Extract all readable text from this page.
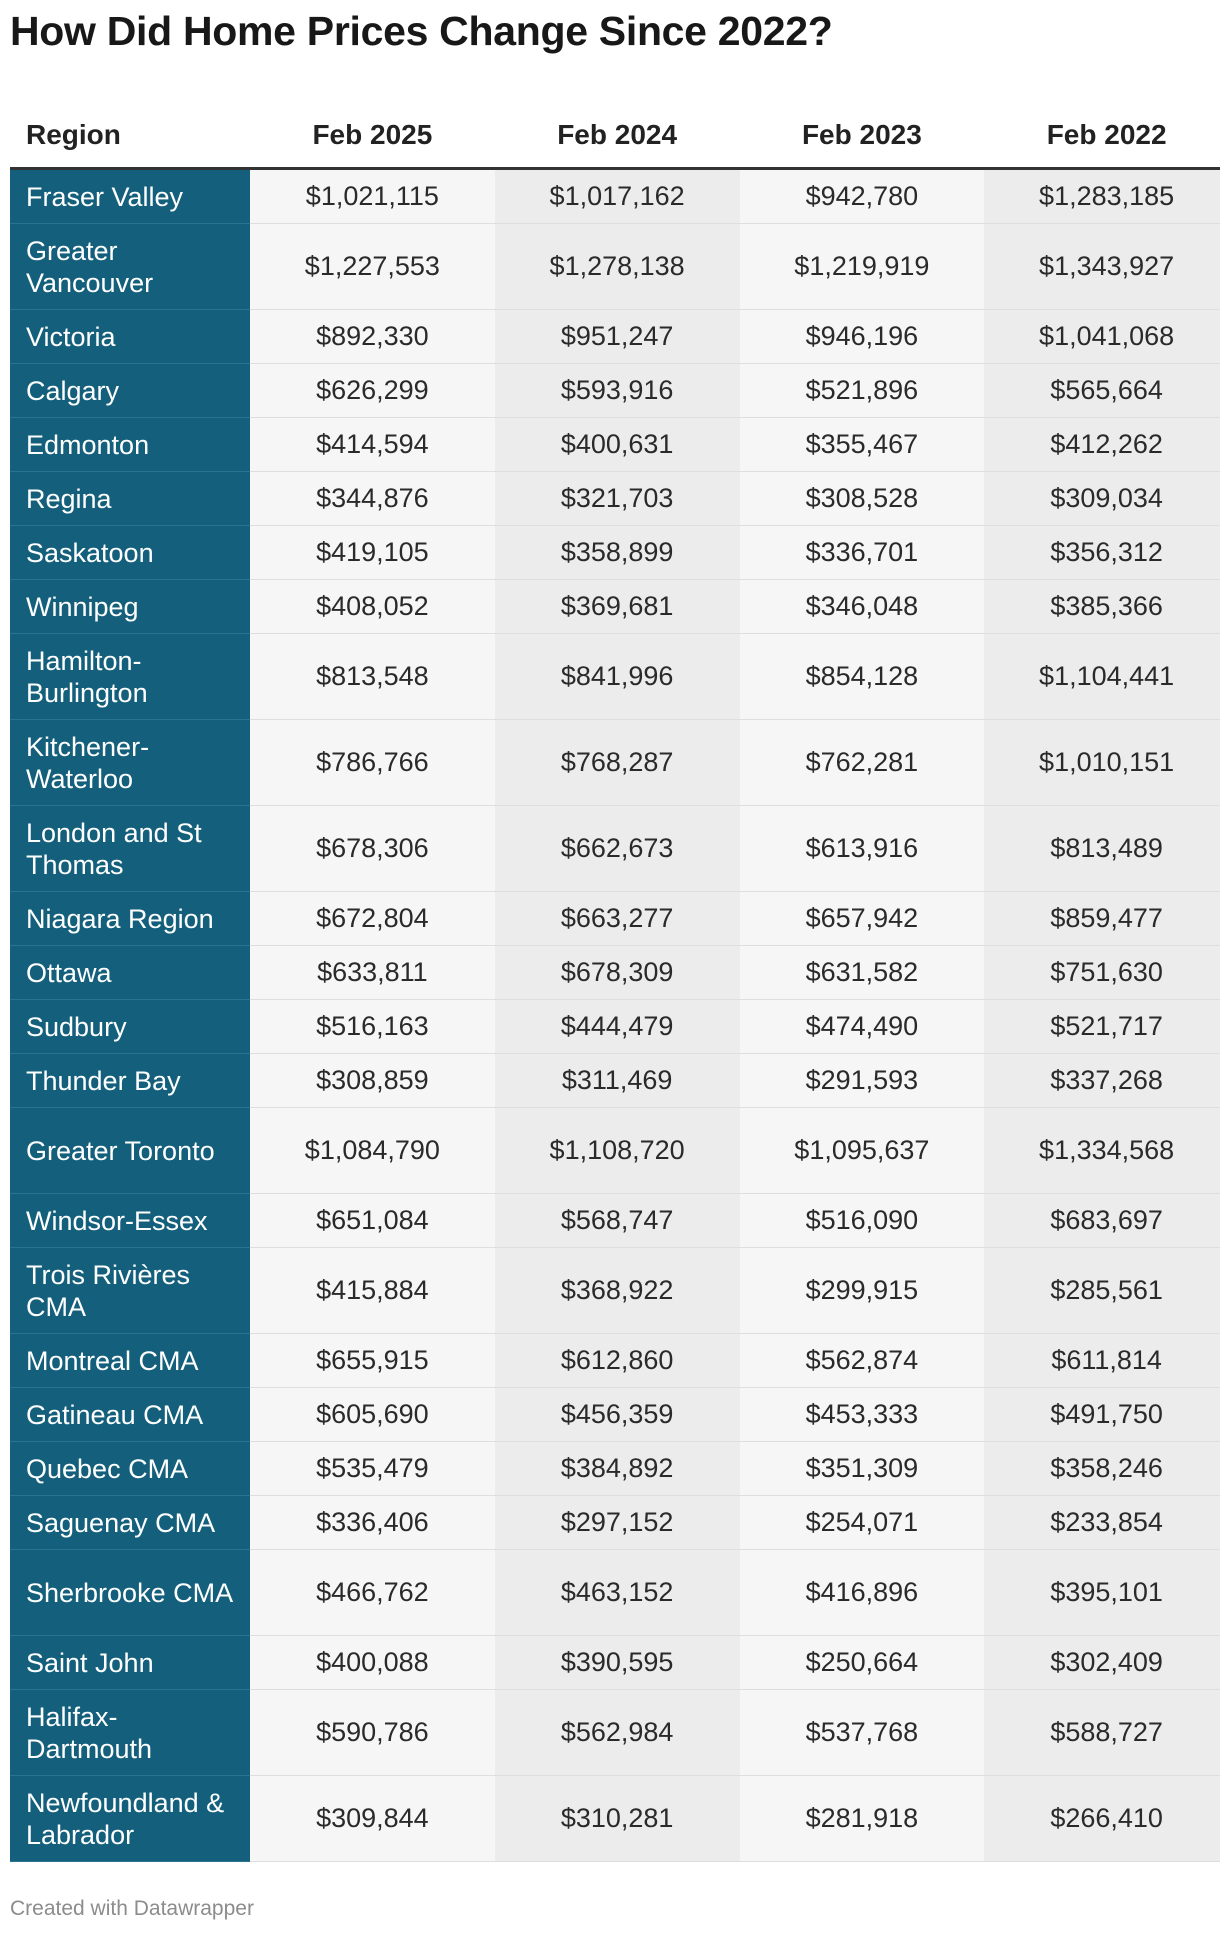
How Did Home Prices Change Since 2022?
Region	Feb 2025	Feb 2024	Feb 2023	Feb 2022
Fraser Valley	$1,021,115	$1,017,162	$942,780	$1,283,185
Greater Vancouver	$1,227,553	$1,278,138	$1,219,919	$1,343,927
Victoria	$892,330	$951,247	$946,196	$1,041,068
Calgary	$626,299	$593,916	$521,896	$565,664
Edmonton	$414,594	$400,631	$355,467	$412,262
Regina	$344,876	$321,703	$308,528	$309,034
Saskatoon	$419,105	$358,899	$336,701	$356,312
Winnipeg	$408,052	$369,681	$346,048	$385,366
Hamilton-Burlington	$813,548	$841,996	$854,128	$1,104,441
Kitchener-Waterloo	$786,766	$768,287	$762,281	$1,010,151
London and St Thomas	$678,306	$662,673	$613,916	$813,489
Niagara Region	$672,804	$663,277	$657,942	$859,477
Ottawa	$633,811	$678,309	$631,582	$751,630
Sudbury	$516,163	$444,479	$474,490	$521,717
Thunder Bay	$308,859	$311,469	$291,593	$337,268
Greater Toronto	$1,084,790	$1,108,720	$1,095,637	$1,334,568
Windsor-Essex	$651,084	$568,747	$516,090	$683,697
Trois Rivières CMA	$415,884	$368,922	$299,915	$285,561
Montreal CMA	$655,915	$612,860	$562,874	$611,814
Gatineau CMA	$605,690	$456,359	$453,333	$491,750
Quebec CMA	$535,479	$384,892	$351,309	$358,246
Saguenay CMA	$336,406	$297,152	$254,071	$233,854
Sherbrooke CMA	$466,762	$463,152	$416,896	$395,101
Saint John	$400,088	$390,595	$250,664	$302,409
Halifax-Dartmouth	$590,786	$562,984	$537,768	$588,727
Newfoundland & Labrador	$309,844	$310,281	$281,918	$266,410
Created with Datawrapper
